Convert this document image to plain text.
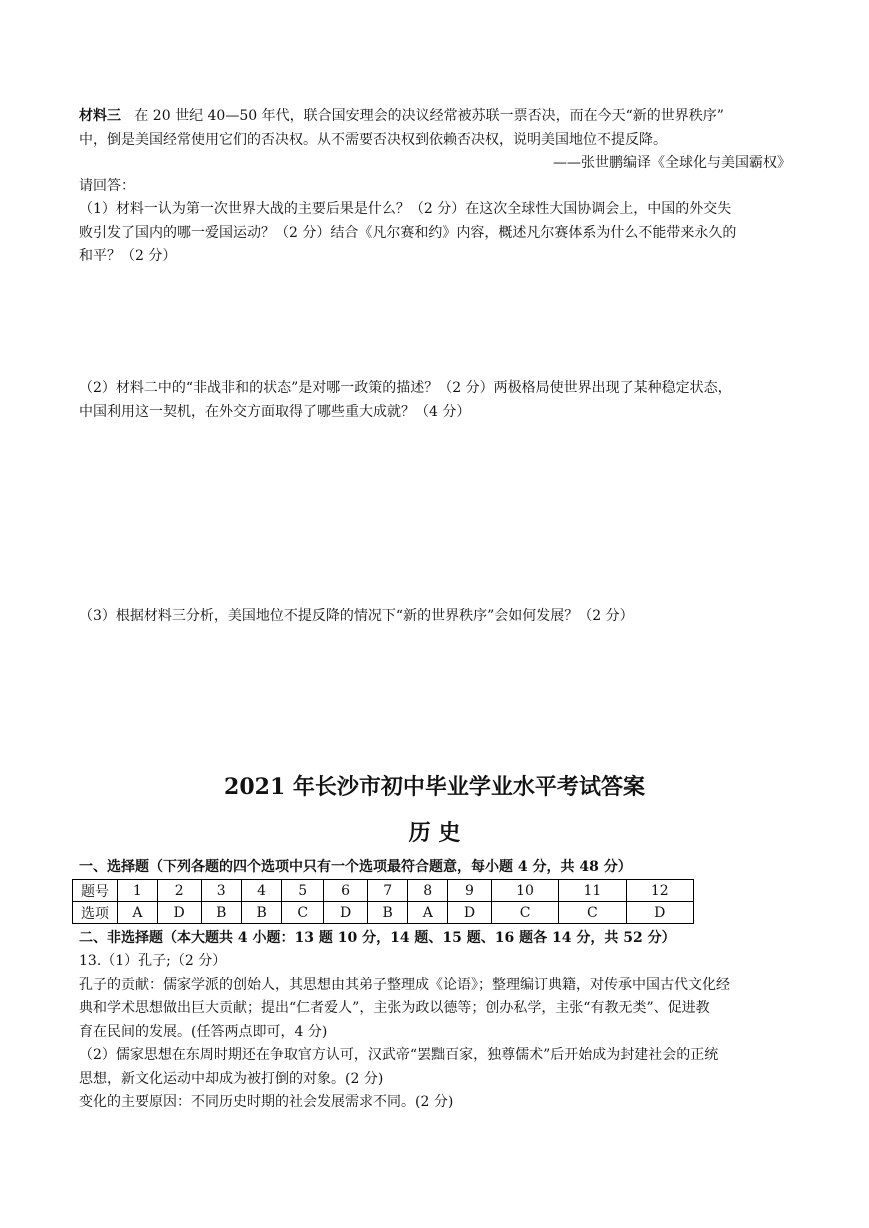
材料三 在 20 世纪 40—50 年代，联合国安理会的决议经常被苏联一票否决，而在今天“新的世界秩序”
中，倒是美国经常使用它们的否决权。从不需要否决权到依赖否决权，说明美国地位不提反降。
——张世鹏编译《全球化与美国霸权》
请回答：
（1）材料一认为第一次世界大战的主要后果是什么？（2 分）在这次全球性大国协调会上，中国的外交失
败引发了国内的哪一爱国运动？（2 分）结合《凡尔赛和约》内容，概述凡尔赛体系为什么不能带来永久的
和平？（2 分）
（2）材料二中的“非战非和的状态”是对哪一政策的描述？（2 分）两极格局使世界出现了某种稳定状态，
中国利用这一契机，在外交方面取得了哪些重大成就？（4 分）
（3）根据材料三分析，美国地位不提反降的情况下“新的世界秩序”会如何发展？（2 分）
2021 年长沙市初中毕业学业水平考试答案
历 史
一、选择题（下列各题的四个选项中只有一个选项最符合题意，每小题 4 分，共 48 分）
题号	1	2	3	4	5	6	7	8	9	10	11	12
选项	A	D	B	B	C	D	B	A	D	C	C	D
二、非选择题（本大题共 4 小题：13 题 10 分，14 题、15 题、16 题各 14 分，共 52 分）
13.（1）孔子;（2 分）
孔子的贡献：儒家学派的创始人，其思想由其弟子整理成《论语》；整理编订典籍，对传承中国古代文化经
典和学术思想做出巨大贡献；提出“仁者爱人”，主张为政以德等；创办私学，主张“有教无类”、促进教
育在民间的发展。(任答两点即可，4 分)
（2）儒家思想在东周时期还在争取官方认可，汉武帝“罢黜百家，独尊儒术”后开始成为封建社会的正统
思想，新文化运动中却成为被打倒的对象。(2 分)
变化的主要原因：不同历史时期的社会发展需求不同。(2 分)
